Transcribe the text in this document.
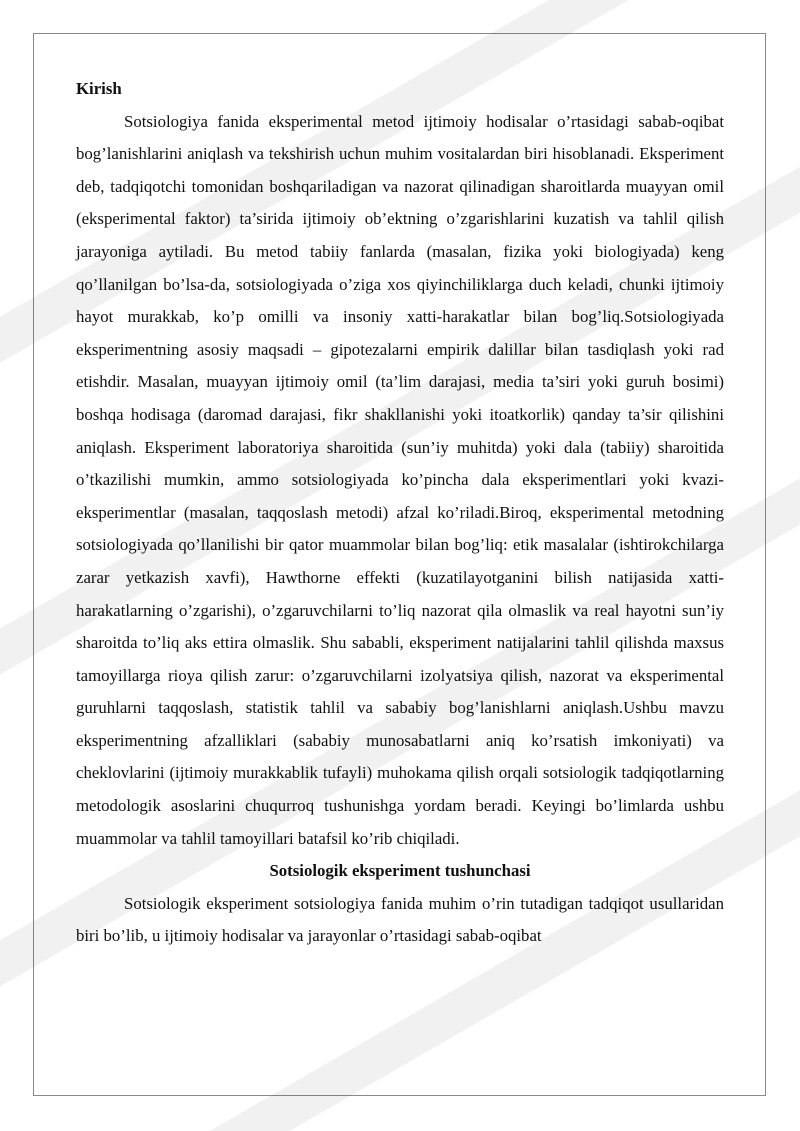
Kirish

Sotsiologiya fanida eksperimental metod ijtimoiy hodisalar o’rtasidagi sabab-oqibat bog’lanishlarini aniqlash va tekshirish uchun muhim vositalardan biri hisoblanadi. Eksperiment deb, tadqiqotchi tomonidan boshqariladigan va nazorat qilinadigan sharoitlarda muayyan omil (eksperimental faktor) ta’sirida ijtimoiy ob’ektning o’zgarishlarini kuzatish va tahlil qilish jarayoniga aytiladi. Bu metod tabiiy fanlarda (masalan, fizika yoki biologiyada) keng qo’llanilgan bo’lsa-da, sotsiologiyada o’ziga xos qiyinchiliklarga duch keladi, chunki ijtimoiy hayot murakkab, ko’p omilli va insoniy xatti-harakatlar bilan bog’liq.Sotsiologiyada eksperimentning asosiy maqsadi – gipotezalarni empirik dalillar bilan tasdiqlash yoki rad etishdir. Masalan, muayyan ijtimoiy omil (ta’lim darajasi, media ta’siri yoki guruh bosimi) boshqa hodisaga (daromad darajasi, fikr shakllanishi yoki itoatkorlik) qanday ta’sir qilishini aniqlash. Eksperiment laboratoriya sharoitida (sun’iy muhitda) yoki dala (tabiiy) sharoitida o’tkazilishi mumkin, ammo sotsiologiyada ko’pincha dala eksperimentlari yoki kvazi-eksperimentlar (masalan, taqqoslash metodi) afzal ko’riladi.Biroq, eksperimental metodning sotsiologiyada qo’llanilishi bir qator muammolar bilan bog’liq: etik masalalar (ishtirokchilarga zarar yetkazish xavfi), Hawthorne effekti (kuzatilayotganini bilish natijasida xatti-harakatlarning o’zgarishi), o’zgaruvchilarni to’liq nazorat qila olmaslik va real hayotni sun’iy sharoitda to’liq aks ettira olmaslik. Shu sababli, eksperiment natijalarini tahlil qilishda maxsus tamoyillarga rioya qilish zarur: o’zgaruvchilarni izolyatsiya qilish, nazorat va eksperimental guruhlarni taqqoslash, statistik tahlil va sababiy bog’lanishlarni aniqlash.Ushbu mavzu eksperimentning afzalliklari (sababiy munosabatlarni aniq ko’rsatish imkoniyati) va cheklovlarini (ijtimoiy murakkablik tufayli) muhokama qilish orqali sotsiologik tadqiqotlarning metodologik asoslarini chuqurroq tushunishga yordam beradi. Keyingi bo’limlarda ushbu muammolar va tahlil tamoyillari batafsil ko’rib chiqiladi.

Sotsiologik eksperiment tushunchasi

Sotsiologik eksperiment sotsiologiya fanida muhim o’rin tutadigan tadqiqot usullaridan biri bo’lib, u ijtimoiy hodisalar va jarayonlar o’rtasidagi sabab-oqibat
